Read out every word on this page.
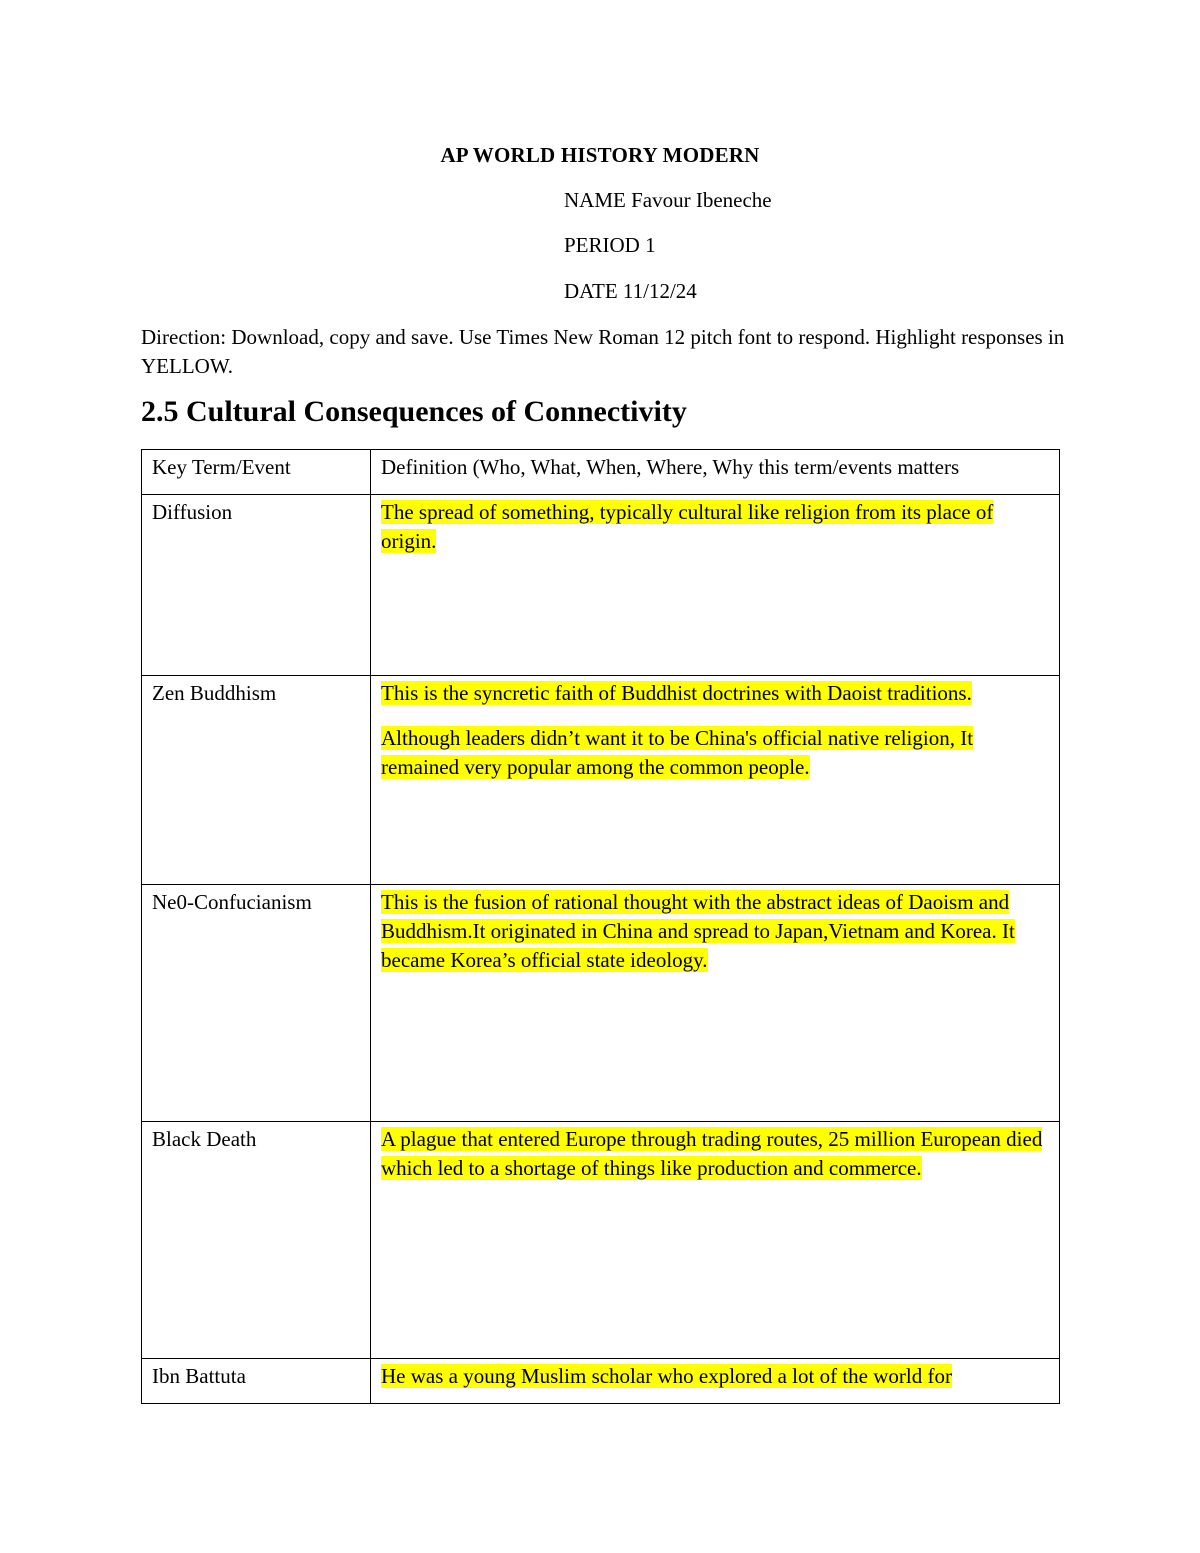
AP WORLD HISTORY MODERN
NAME Favour Ibeneche
PERIOD 1
DATE 11/12/24
Direction: Download, copy and save. Use Times New Roman 12 pitch font to respond. Highlight responses in YELLOW.
2.5 Cultural Consequences of Connectivity
Key Term/Event	Definition (Who, What, When, Where, Why this term/events matters

Diffusion	The spread of something, typically cultural like religion from its place of origin.

Zen Buddhism	This is the syncretic faith of Buddhist doctrines with Daoist traditions.

Although leaders didn’t want it to be China's official native religion, It remained very popular among the common people.

Ne0-Confucianism	This is the fusion of rational thought with the abstract ideas of Daoism and Buddhism.It originated in China and spread to Japan,Vietnam and Korea. It became Korea’s official state ideology.

Black Death	A plague that entered Europe through trading routes, 25 million European died which led to a shortage of things like production and commerce.

Ibn Battuta	He was a young Muslim scholar who explored a lot of the world for
